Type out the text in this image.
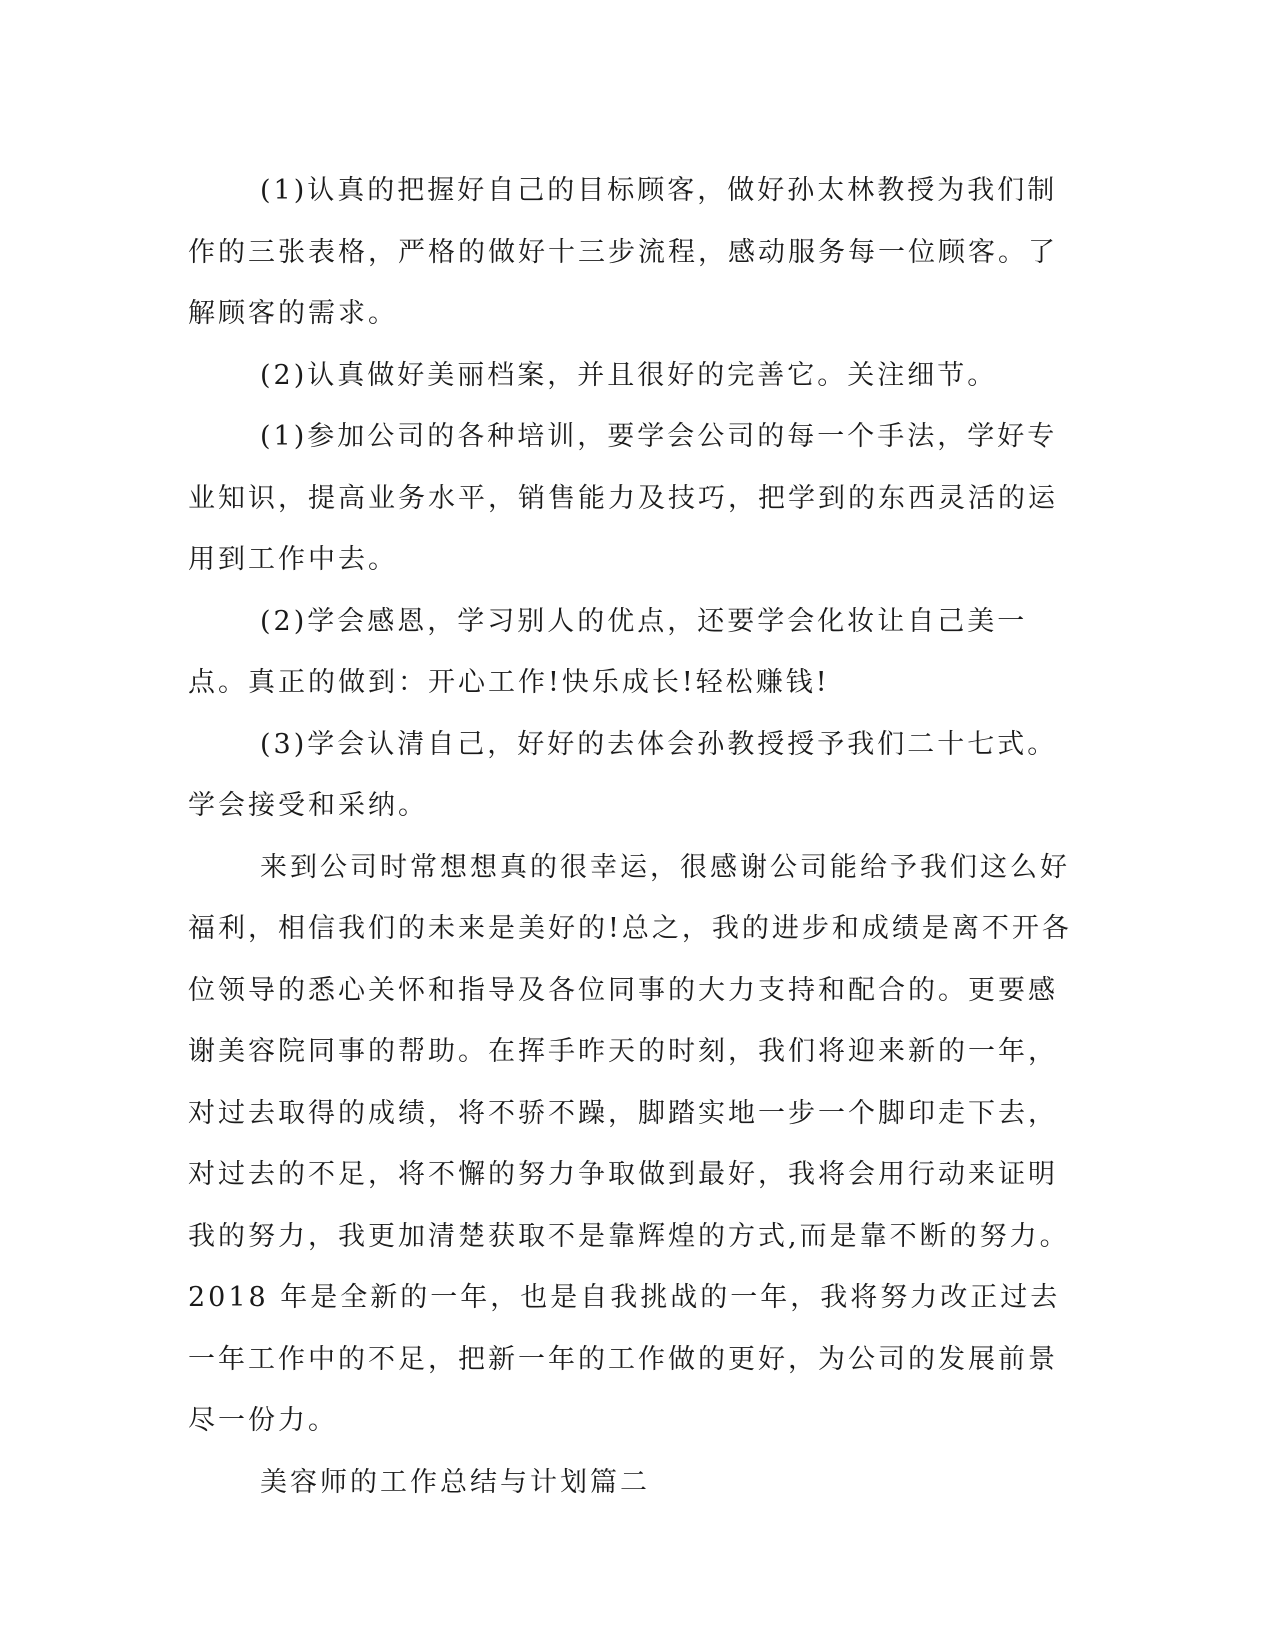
(1)认真的把握好自己的目标顾客，做好孙太林教授为我们制作的三张表格，严格的做好十三步流程，感动服务每一位顾客。了解顾客的需求。

(2)认真做好美丽档案，并且很好的完善它。关注细节。

(1)参加公司的各种培训，要学会公司的每一个手法，学好专业知识，提高业务水平，销售能力及技巧，把学到的东西灵活的运用到工作中去。

(2)学会感恩，学习别人的优点，还要学会化妆让自己美一点。真正的做到：开心工作!快乐成长!轻松赚钱!

(3)学会认清自己，好好的去体会孙教授授予我们二十七式。学会接受和采纳。

来到公司时常想想真的很幸运，很感谢公司能给予我们这么好福利，相信我们的未来是美好的!总之，我的进步和成绩是离不开各位领导的悉心关怀和指导及各位同事的大力支持和配合的。更要感谢美容院同事的帮助。在挥手昨天的时刻，我们将迎来新的一年，对过去取得的成绩，将不骄不躁，脚踏实地一步一个脚印走下去，对过去的不足，将不懈的努力争取做到最好，我将会用行动来证明我的努力，我更加清楚获取不是靠辉煌的方式,而是靠不断的努力。2018 年是全新的一年，也是自我挑战的一年，我将努力改正过去一年工作中的不足，把新一年的工作做的更好，为公司的发展前景尽一份力。

美容师的工作总结与计划篇二
